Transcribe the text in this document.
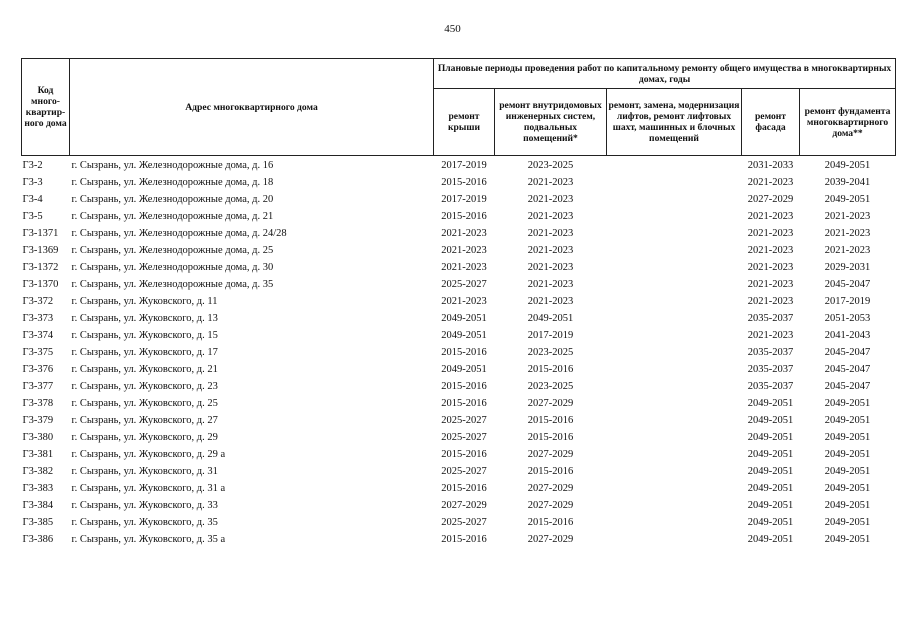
450
Код много-квартир-ного дома	Адрес многоквартирного дома	Плановые периоды проведения работ по капитальному ремонту общего имущества в многоквартирных домах, годы				
		ремонт крыши	ремонт внутридомовых инженерных систем, подвальных помещений*	ремонт, замена, модернизация лифтов, ремонт лифтовых шахт, машинных и блочных помещений	ремонт фасада	ремонт фундамента многоквартирного дома**
Г3-2	г. Сызрань, ул. Железнодорожные дома, д. 16	2017-2019	2023-2025		2031-2033	2049-2051
Г3-3	г. Сызрань, ул. Железнодорожные дома, д. 18	2015-2016	2021-2023		2021-2023	2039-2041
Г3-4	г. Сызрань, ул. Железнодорожные дома, д. 20	2017-2019	2021-2023		2027-2029	2049-2051
Г3-5	г. Сызрань, ул. Железнодорожные дома, д. 21	2015-2016	2021-2023		2021-2023	2021-2023
Г3-1371	г. Сызрань, ул. Железнодорожные дома, д. 24/28	2021-2023	2021-2023		2021-2023	2021-2023
Г3-1369	г. Сызрань, ул. Железнодорожные дома, д. 25	2021-2023	2021-2023		2021-2023	2021-2023
Г3-1372	г. Сызрань, ул. Железнодорожные дома, д. 30	2021-2023	2021-2023		2021-2023	2029-2031
Г3-1370	г. Сызрань, ул. Железнодорожные дома, д. 35	2025-2027	2021-2023		2021-2023	2045-2047
Г3-372	г. Сызрань, ул. Жуковского, д. 11	2021-2023	2021-2023		2021-2023	2017-2019
Г3-373	г. Сызрань, ул. Жуковского, д. 13	2049-2051	2049-2051		2035-2037	2051-2053
Г3-374	г. Сызрань, ул. Жуковского, д. 15	2049-2051	2017-2019		2021-2023	2041-2043
Г3-375	г. Сызрань, ул. Жуковского, д. 17	2015-2016	2023-2025		2035-2037	2045-2047
Г3-376	г. Сызрань, ул. Жуковского, д. 21	2049-2051	2015-2016		2035-2037	2045-2047
Г3-377	г. Сызрань, ул. Жуковского, д. 23	2015-2016	2023-2025		2035-2037	2045-2047
Г3-378	г. Сызрань, ул. Жуковского, д. 25	2015-2016	2027-2029		2049-2051	2049-2051
Г3-379	г. Сызрань, ул. Жуковского, д. 27	2025-2027	2015-2016		2049-2051	2049-2051
Г3-380	г. Сызрань, ул. Жуковского, д. 29	2025-2027	2015-2016		2049-2051	2049-2051
Г3-381	г. Сызрань, ул. Жуковского, д. 29 а	2015-2016	2027-2029		2049-2051	2049-2051
Г3-382	г. Сызрань, ул. Жуковского, д. 31	2025-2027	2015-2016		2049-2051	2049-2051
Г3-383	г. Сызрань, ул. Жуковского, д. 31 а	2015-2016	2027-2029		2049-2051	2049-2051
Г3-384	г. Сызрань, ул. Жуковского, д. 33	2027-2029	2027-2029		2049-2051	2049-2051
Г3-385	г. Сызрань, ул. Жуковского, д. 35	2025-2027	2015-2016		2049-2051	2049-2051
Г3-386	г. Сызрань, ул. Жуковского, д. 35 а	2015-2016	2027-2029		2049-2051	2049-2051
